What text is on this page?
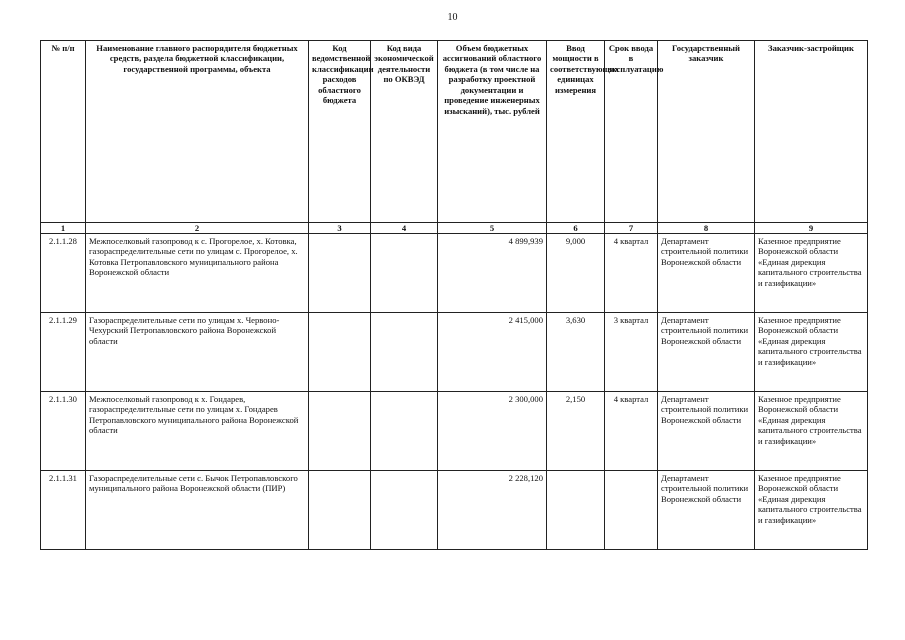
10
№ п/п	Наименование главного распорядителя бюджетных средств, раздела бюджетной классификации, государственной программы, объекта	Код ведомственной классификации расходов областного бюджета	Код вида экономической деятельности по ОКВЭД	Объем бюджетных ассигнований областного бюджета (в том числе на разработку проектной документации и проведение инженерных изысканий), тыс. рублей	Ввод мощности в соответствующих единицах измерения	Срок ввода в эксплуатацию	Государственный заказчик	Заказчик-застройщик
1	2	3	4	5	6	7	8	9
2.1.1.28	Межпоселковый газопровод к с. Прогорелое, х. Котовка, газораспределительные сети по улицам с. Прогорелое, х. Котовка Петропавловского муниципального района Воронежской области			4 899,939	9,000	4 квартал	Департамент строительной политики Воронежской области	Казенное предприятие Воронежской области «Единая дирекция капитального строительства и газификации»
2.1.1.29	Газораспределительные сети по улицам х. Червоно-Чехурский Петропавловского района Воронежской области			2 415,000	3,630	3 квартал	Департамент строительной политики Воронежской области	Казенное предприятие Воронежской области «Единая дирекция капитального строительства и газификации»
2.1.1.30	Межпоселковый газопровод к х. Гондарев, газораспределительные сети по улицам х. Гондарев Петропавловского муниципального района Воронежской области			2 300,000	2,150	4 квартал	Департамент строительной политики Воронежской области	Казенное предприятие Воронежской области «Единая дирекция капитального строительства и газификации»
2.1.1.31	Газораспределительные сети с. Бычок Петропавловского муниципального района Воронежской области (ПИР)			2 228,120			Департамент строительной политики Воронежской области	Казенное предприятие Воронежской области «Единая дирекция капитального строительства и газификации»
